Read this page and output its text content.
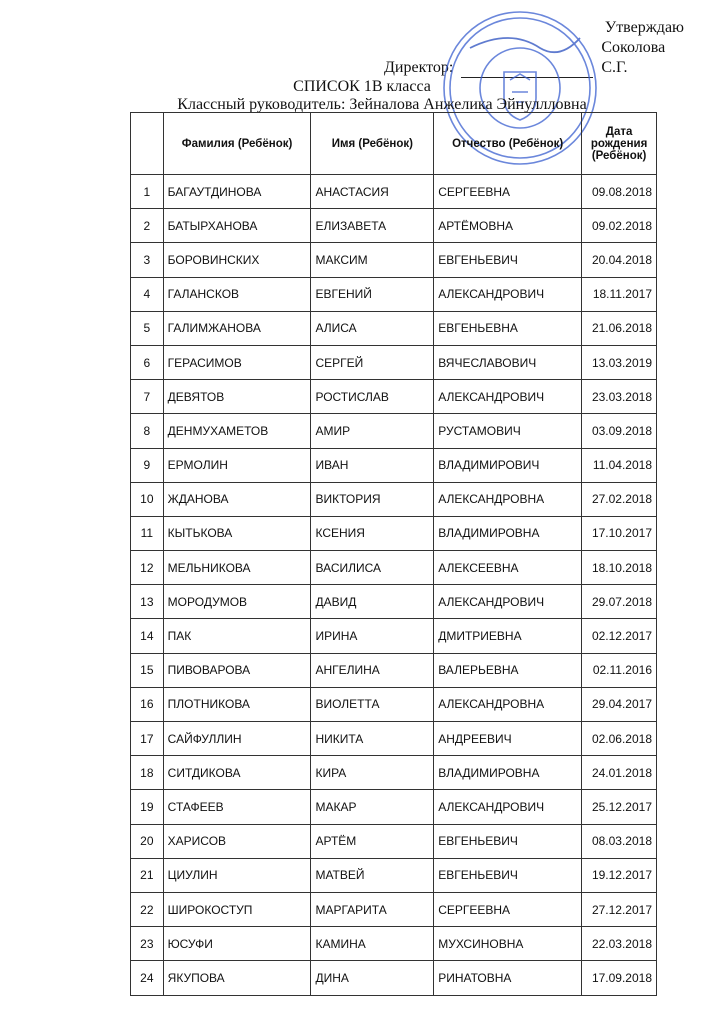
Утверждаю
Директор:
Соколова С.Г.
СПИСОК 1В класса
Классный руководитель: Зейналова Анжелика Эйнуллловна
	Фамилия (Ребёнок)	Имя (Ребёнок)	Отчество (Ребёнок)	Дата рождения (Ребёнок)
1	БАГАУТДИНОВА	АНАСТАСИЯ	СЕРГЕЕВНА	09.08.2018
2	БАТЫРХАНОВА	ЕЛИЗАВЕТА	АРТЁМОВНА	09.02.2018
3	БОРОВИНСКИХ	МАКСИМ	ЕВГЕНЬЕВИЧ	20.04.2018
4	ГАЛАНСКОВ	ЕВГЕНИЙ	АЛЕКСАНДРОВИЧ	18.11.2017
5	ГАЛИМЖАНОВА	АЛИСА	ЕВГЕНЬЕВНА	21.06.2018
6	ГЕРАСИМОВ	СЕРГЕЙ	ВЯЧЕСЛАВОВИЧ	13.03.2019
7	ДЕВЯТОВ	РОСТИСЛАВ	АЛЕКСАНДРОВИЧ	23.03.2018
8	ДЕНМУХАМЕТОВ	АМИР	РУСТАМОВИЧ	03.09.2018
9	ЕРМОЛИН	ИВАН	ВЛАДИМИРОВИЧ	11.04.2018
10	ЖДАНОВА	ВИКТОРИЯ	АЛЕКСАНДРОВНА	27.02.2018
11	КЫТЬКОВА	КСЕНИЯ	ВЛАДИМИРОВНА	17.10.2017
12	МЕЛЬНИКОВА	ВАСИЛИСА	АЛЕКСЕЕВНА	18.10.2018
13	МОРОДУМОВ	ДАВИД	АЛЕКСАНДРОВИЧ	29.07.2018
14	ПАК	ИРИНА	ДМИТРИЕВНА	02.12.2017
15	ПИВОВАРОВА	АНГЕЛИНА	ВАЛЕРЬЕВНА	02.11.2016
16	ПЛОТНИКОВА	ВИОЛЕТТА	АЛЕКСАНДРОВНА	29.04.2017
17	САЙФУЛЛИН	НИКИТА	АНДРЕЕВИЧ	02.06.2018
18	СИТДИКОВА	КИРА	ВЛАДИМИРОВНА	24.01.2018
19	СТАФЕЕВ	МАКАР	АЛЕКСАНДРОВИЧ	25.12.2017
20	ХАРИСОВ	АРТЁМ	ЕВГЕНЬЕВИЧ	08.03.2018
21	ЦИУЛИН	МАТВЕЙ	ЕВГЕНЬЕВИЧ	19.12.2017
22	ШИРОКОСТУП	МАРГАРИТА	СЕРГЕЕВНА	27.12.2017
23	ЮСУФИ	КАМИНА	МУХСИНОВНА	22.03.2018
24	ЯКУПОВА	ДИНА	РИНАТОВНА	17.09.2018
